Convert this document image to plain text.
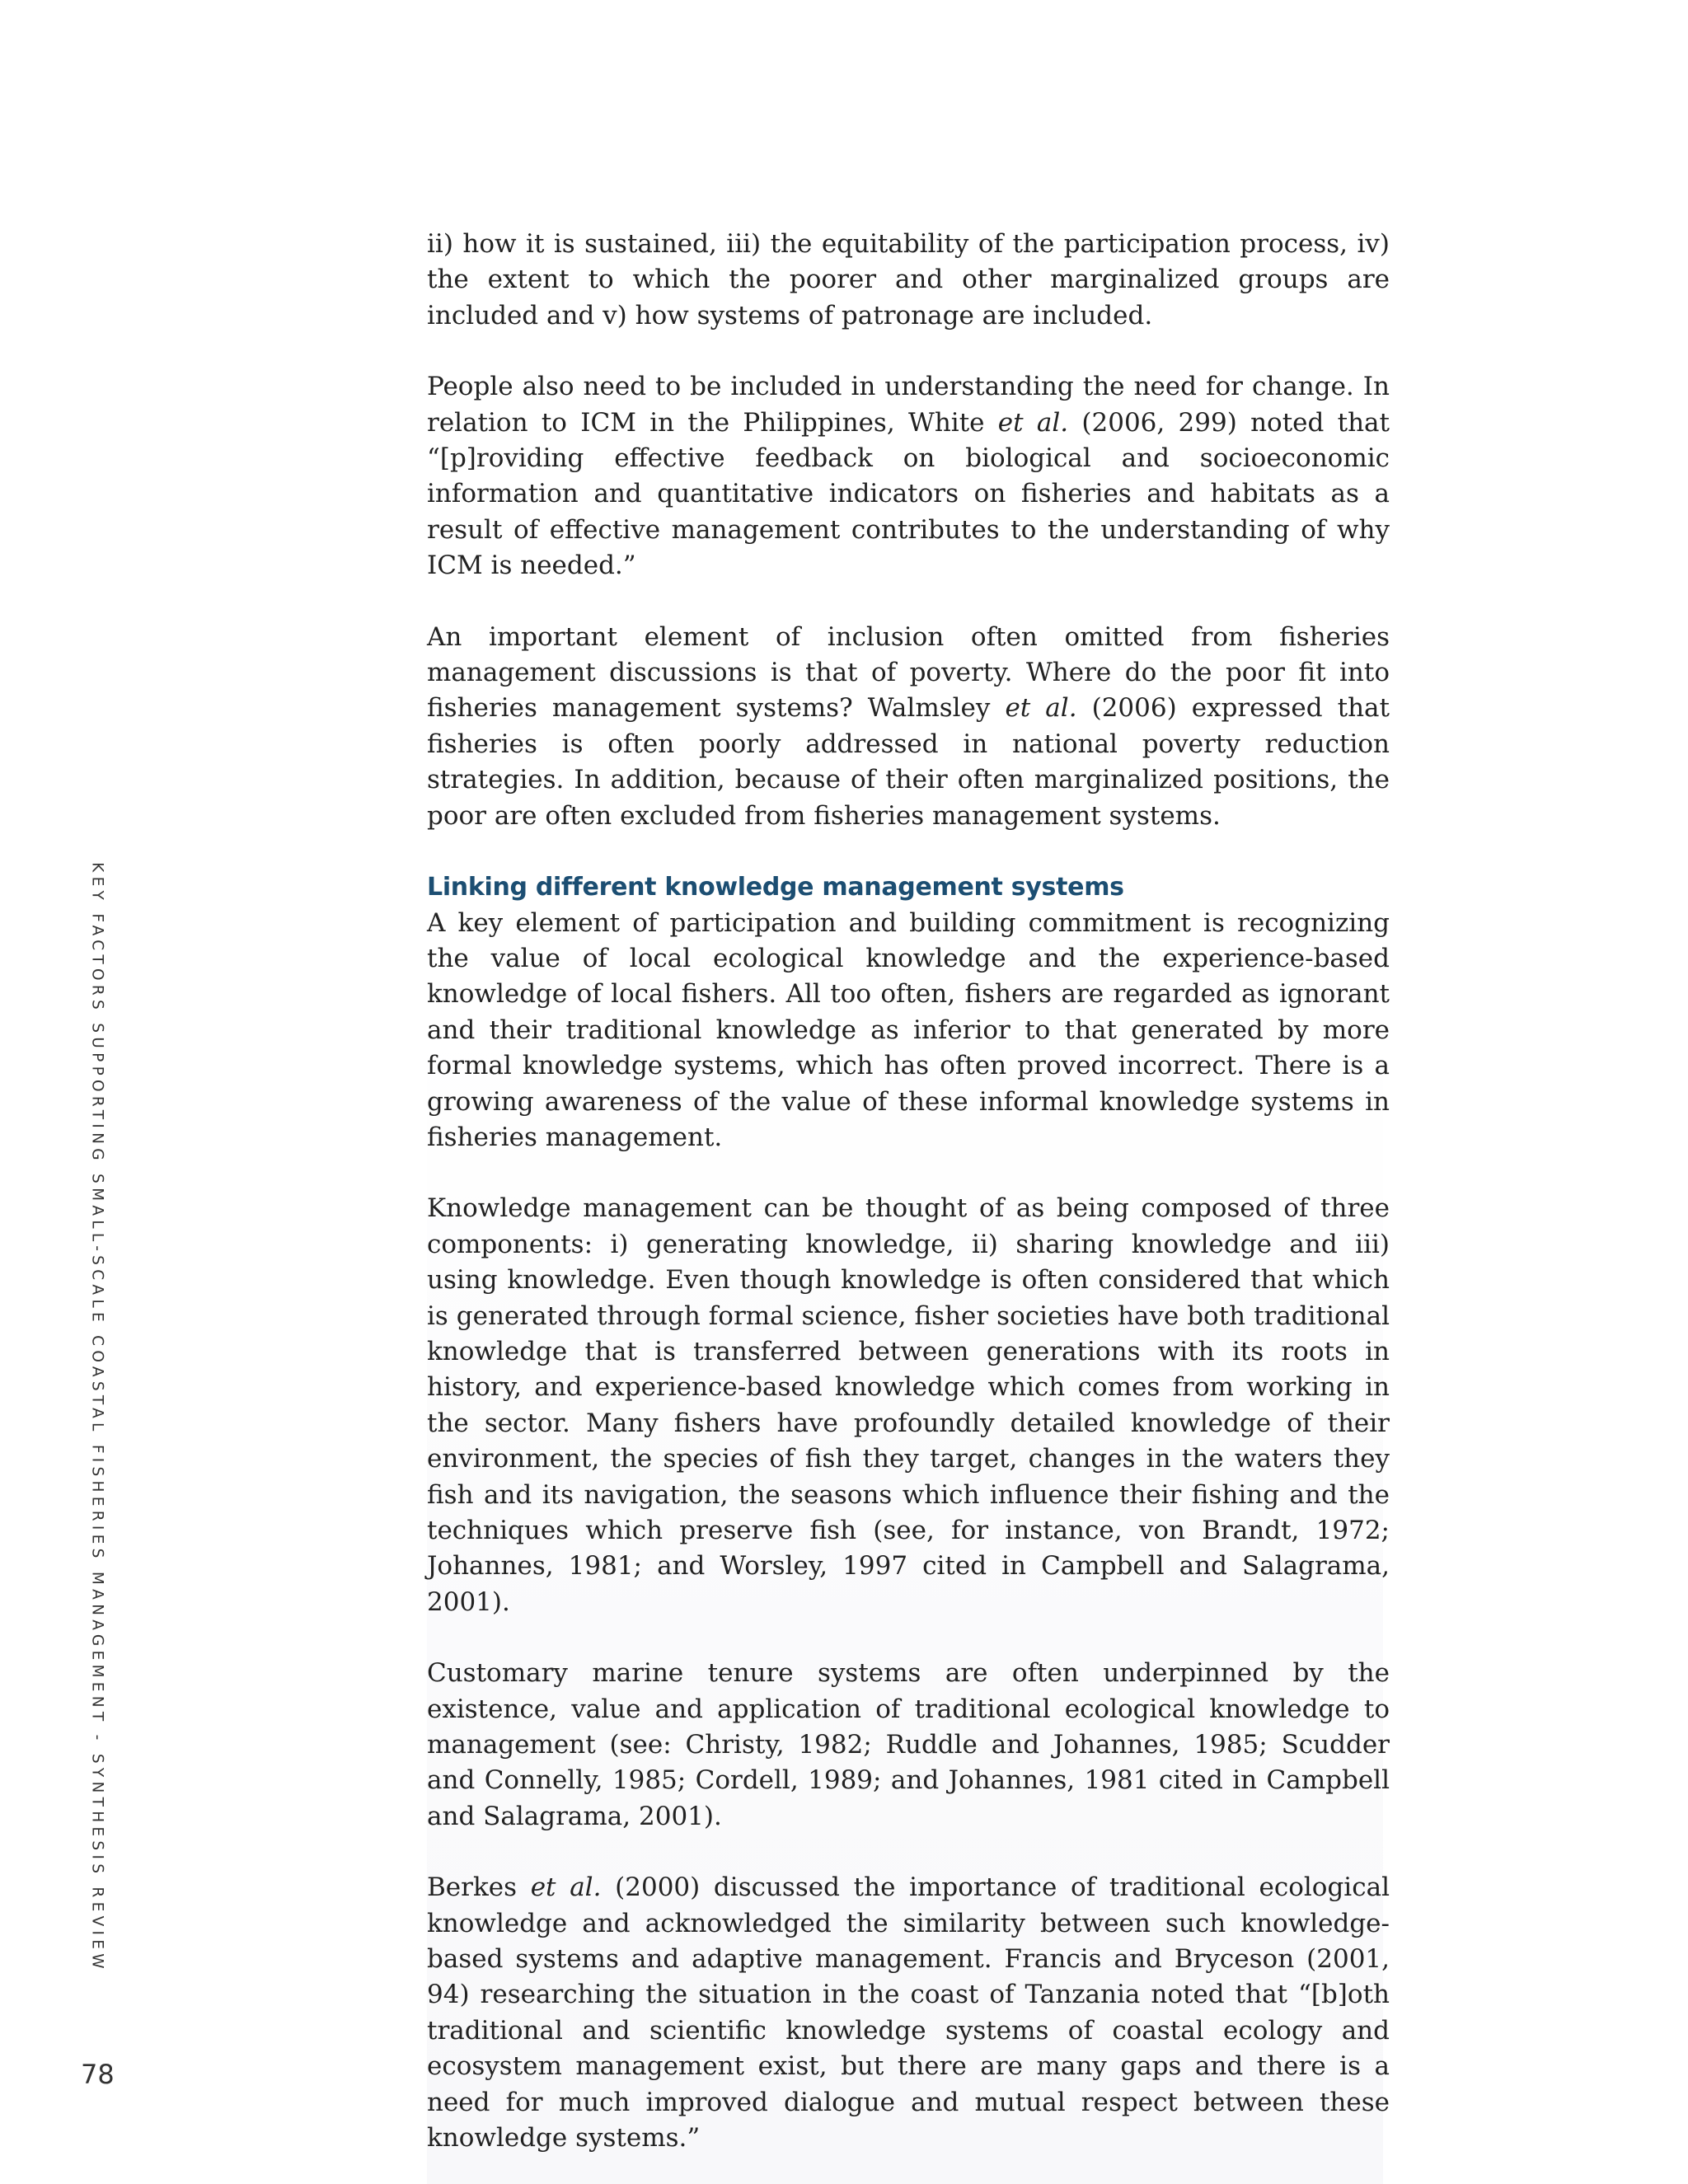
KEY FACTORS SUPPORTING SMALL-SCALE COASTAL FISHERIES MANAGEMENT - SYNTHESIS REVIEW

ii) how it is sustained, iii) the equitability of the participation process, iv) the extent to which the poorer and other marginalized groups are included and v) how systems of patronage are included.

People also need to be included in understanding the need for change. In relation to ICM in the Philippines, White et al. (2006, 299) noted that “[p]roviding effective feedback on biological and socioeconomic information and quantitative indicators on fisheries and habitats as a result of effective management contributes to the understanding of why ICM is needed.”

An important element of inclusion often omitted from fisheries management discussions is that of poverty. Where do the poor fit into fisheries management systems? Walmsley et al. (2006) expressed that fisheries is often poorly addressed in national poverty reduction strategies. In addition, because of their often marginalized positions, the poor are often excluded from fisheries management systems.

Linking different knowledge management systems

A key element of participation and building commitment is recognizing the value of local ecological knowledge and the experience-based knowledge of local fishers. All too often, fishers are regarded as ignorant and their traditional knowledge as inferior to that generated by more formal knowledge systems, which has often proved incorrect. There is a growing awareness of the value of these informal knowledge systems in fisheries management.

Knowledge management can be thought of as being composed of three components: i) generating knowledge, ii) sharing knowledge and iii) using knowledge. Even though knowledge is often considered that which is generated through formal science, fisher societies have both traditional knowledge that is transferred between generations with its roots in history, and experience-based knowledge which comes from working in the sector. Many fishers have profoundly detailed knowledge of their environment, the species of fish they target, changes in the waters they fish and its navigation, the seasons which influence their fishing and the techniques which preserve fish (see, for instance, von Brandt, 1972; Johannes, 1981; and Worsley, 1997 cited in Campbell and Salagrama, 2001).

Customary marine tenure systems are often underpinned by the existence, value and application of traditional ecological knowledge to management (see: Christy, 1982; Ruddle and Johannes, 1985; Scudder and Connelly, 1985; Cordell, 1989; and Johannes, 1981 cited in Campbell and Salagrama, 2001).

Berkes et al. (2000) discussed the importance of traditional ecological knowledge and acknowledged the similarity between such knowledge-based systems and adaptive management. Francis and Bryceson (2001, 94) researching the situation in the coast of Tanzania noted that “[b]oth traditional and scientific knowledge systems of coastal ecology and ecosystem management exist, but there are many gaps and there is a need for much improved dialogue and mutual respect between these knowledge systems.”

78
